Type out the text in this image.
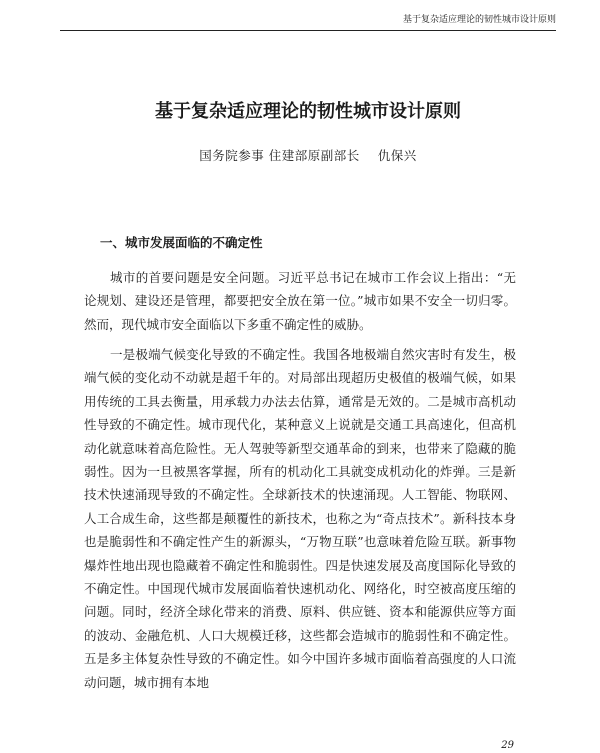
基于复杂适应理论的韧性城市设计原则
基于复杂适应理论的韧性城市设计原则
国务院参事 住建部原副部长 仇保兴
一、城市发展面临的不确定性

城市的首要问题是安全问题。习近平总书记在城市工作会议上指出：“无论规划、建设还是管理，都要把安全放在第一位。”城市如果不安全一切归零。然而，现代城市安全面临以下多重不确定性的威胁。

一是极端气候变化导致的不确定性。我国各地极端自然灾害时有发生，极端气候的变化动不动就是超千年的。对局部出现超历史极值的极端气候，如果用传统的工具去衡量，用承载力办法去估算，通常是无效的。二是城市高机动性导致的不确定性。城市现代化，某种意义上说就是交通工具高速化，但高机动化就意味着高危险性。无人驾驶等新型交通革命的到来，也带来了隐藏的脆弱性。因为一旦被黑客掌握，所有的机动化工具就变成机动化的炸弹。三是新技术快速涌现导致的不确定性。全球新技术的快速涌现。人工智能、物联网、人工合成生命，这些都是颠覆性的新技术，也称之为“奇点技术”。新科技本身也是脆弱性和不确定性产生的新源头，“万物互联”也意味着危险互联。新事物爆炸性地出现也隐藏着不确定性和脆弱性。四是快速发展及高度国际化导致的不确定性。中国现代城市发展面临着快速机动化、网络化，时空被高度压缩的问题。同时，经济全球化带来的消费、原料、供应链、资本和能源供应等方面的波动、金融危机、人口大规模迁移，这些都会造城市的脆弱性和不确定性。五是多主体复杂性导致的不确定性。如今中国许多城市面临着高强度的人口流动问题，城市拥有本地

29
